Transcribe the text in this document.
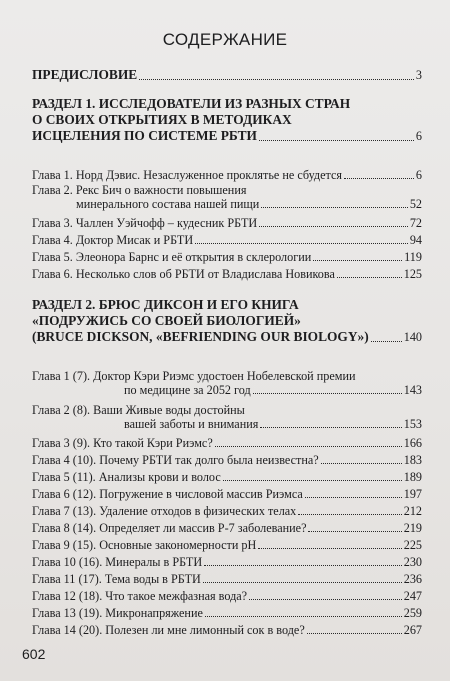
СОДЕРЖАНИЕ
ПРЕДИСЛОВИЕ	3
РАЗДЕЛ 1. ИССЛЕДОВАТЕЛИ ИЗ РАЗНЫХ СТРАН
О СВОИХ ОТКРЫТИЯХ В МЕТОДИКАХ
ИСЦЕЛЕНИЯ ПО СИСТЕМЕ РБТИ	6
Глава 1. Норд Дэвис. Незаслуженное проклятье не сбудется	6
Глава 2. Рекс Бич о важности повышения
минерального состава нашей пищи	52
Глава 3. Чаллен Уэйчофф – кудесник РБТИ	72
Глава 4. Доктор Мисак и РБТИ	94
Глава 5. Элеонора Барнс и её открытия в склерологии	119
Глава 6. Несколько слов об РБТИ от Владислава Новикова	125
РАЗДЕЛ 2. БРЮС ДИКСОН И ЕГО КНИГА
«ПОДРУЖИСЬ СО СВОЕЙ БИОЛОГИЕЙ»
(BRUCE DICKSON, «BEFRIENDING OUR BIOLOGY»)	140
Глава 1 (7). Доктор Кэри Риэмс удостоен Нобелевской премии
по медицине за 2052 год	143
Глава 2 (8). Ваши Живые воды достойны
вашей заботы и внимания	153
Глава 3 (9). Кто такой Кэри Риэмс?	166
Глава 4 (10). Почему РБТИ так долго была неизвестна?	183
Глава 5 (11). Анализы крови и волос	189
Глава 6 (12). Погружение в числовой массив Риэмса	197
Глава 7 (13). Удаление отходов в физических телах	212
Глава 8 (14). Определяет ли массив Р-7 заболевание?	219
Глава 9 (15). Основные закономерности pH	225
Глава 10 (16). Минералы в РБТИ	230
Глава 11 (17). Тема воды в РБТИ	236
Глава 12 (18). Что такое межфазная вода?	247
Глава 13 (19). Микронапряжение	259
Глава 14 (20). Полезен ли мне лимонный сок в воде?	267
602
